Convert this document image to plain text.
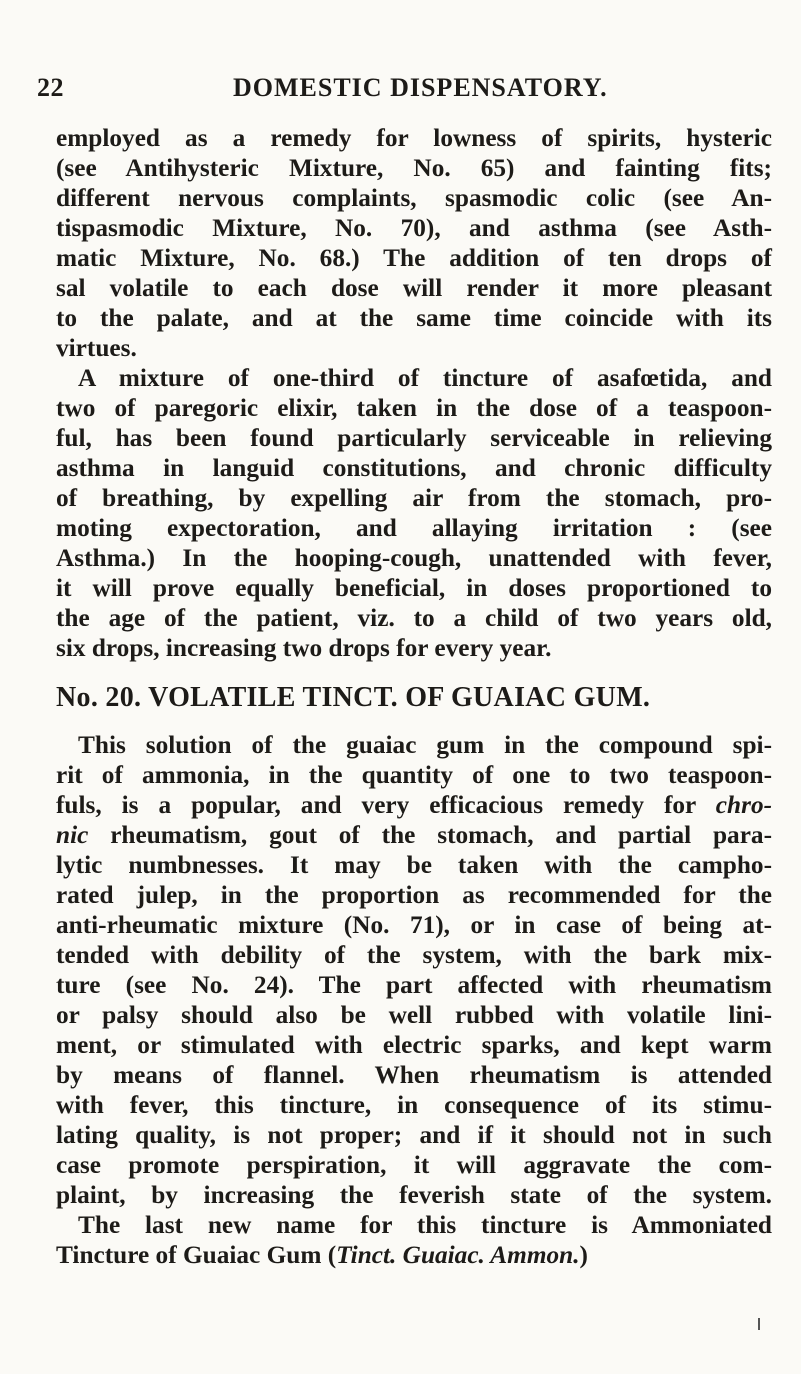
22	DOMESTIC DISPENSATORY.
employed as a remedy for lowness of spirits, hysteric
(see Antihysteric Mixture, No. 65) and fainting fits;
different nervous complaints, spasmodic colic (see An-
tispasmodic Mixture, No. 70), and asthma (see Asth-
matic Mixture, No. 68.) The addition of ten drops of
sal volatile to each dose will render it more pleasant
to the palate, and at the same time coincide with its
virtues.
A mixture of one-third of tincture of asafœtida, and
two of paregoric elixir, taken in the dose of a teaspoon-
ful, has been found particularly serviceable in relieving
asthma in languid constitutions, and chronic difficulty
of breathing, by expelling air from the stomach, pro-
moting expectoration, and allaying irritation : (see
Asthma.) In the hooping-cough, unattended with fever,
it will prove equally beneficial, in doses proportioned to
the age of the patient, viz. to a child of two years old,
six drops, increasing two drops for every year.
No. 20. VOLATILE TINCT. OF GUAIAC GUM.
This solution of the guaiac gum in the compound spi-
rit of ammonia, in the quantity of one to two teaspoon-
fuls, is a popular, and very efficacious remedy for chro-
nic rheumatism, gout of the stomach, and partial para-
lytic numbnesses. It may be taken with the campho-
rated julep, in the proportion as recommended for the
anti-rheumatic mixture (No. 71), or in case of being at-
tended with debility of the system, with the bark mix-
ture (see No. 24). The part affected with rheumatism
or palsy should also be well rubbed with volatile lini-
ment, or stimulated with electric sparks, and kept warm
by means of flannel. When rheumatism is attended
with fever, this tincture, in consequence of its stimu-
lating quality, is not proper; and if it should not in such
case promote perspiration, it will aggravate the com-
plaint, by increasing the feverish state of the system.
The last new name for this tincture is Ammoniated
Tincture of Guaiac Gum (Tinct. Guaiac. Ammon.)
